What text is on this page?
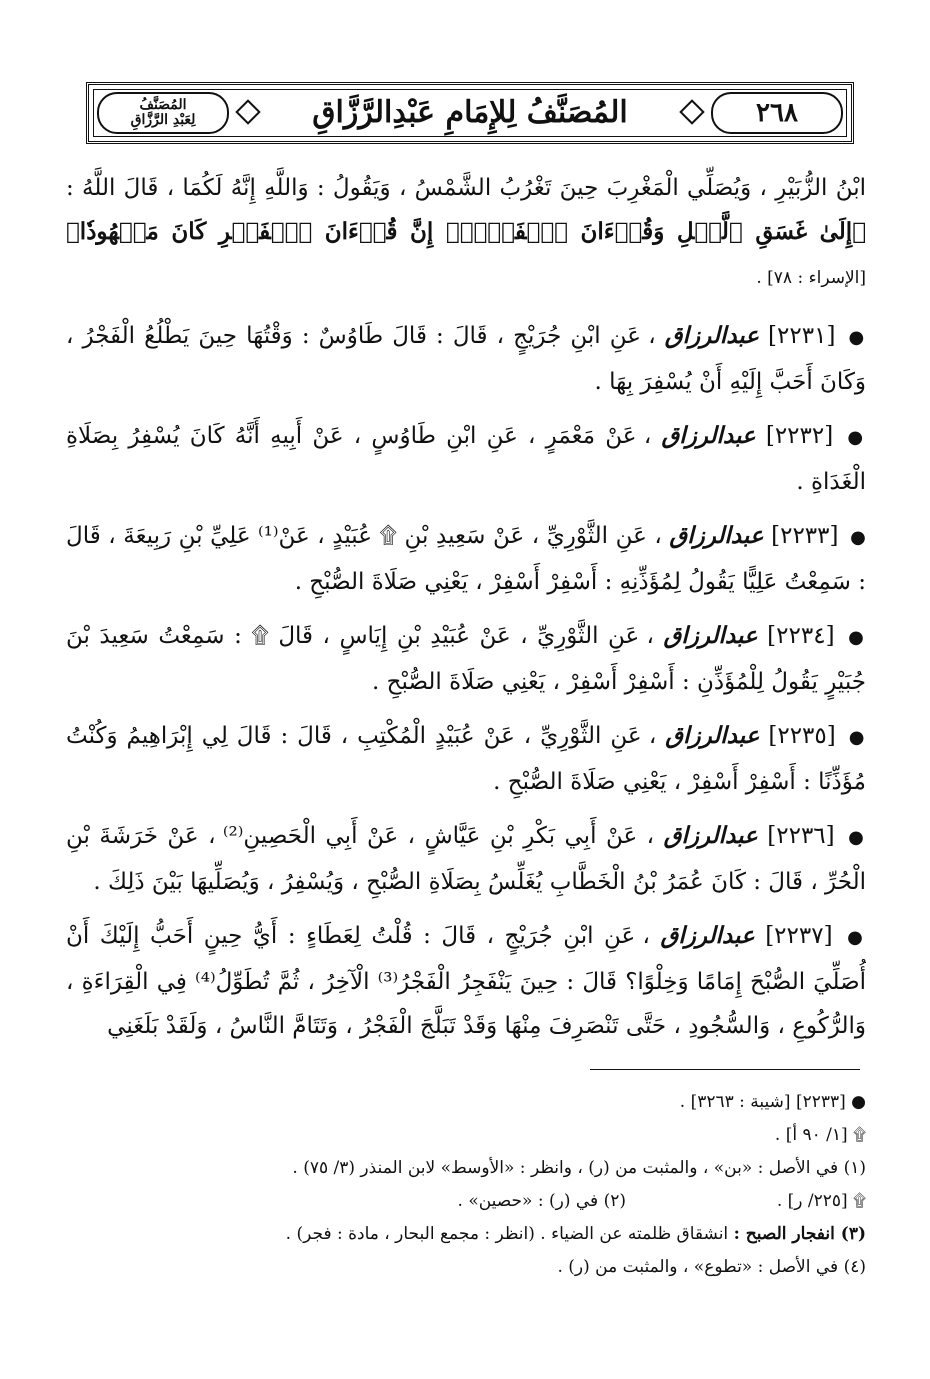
٢٦٨
المُصَنَّفُ لِلإِمَامِ عَبْدِالرَّزَّاقِ
المُصَنَّفُ
لِعَبْدِ الرَّزَّاقِ

ابْنُ الزُّبَيْرِ ، وَيُصَلِّي الْمَغْرِبَ حِينَ تَغْرُبُ الشَّمْسُ ، وَيَقُولُ : وَاللَّهِ إِنَّهُ لَكُمَا ، قَالَ اللَّهُ : ﴿إِلَىٰ غَسَقِ ٱلَّيۡلِ وَقُرۡءَانَ ٱلۡفَجۡرِۖ إِنَّ قُرۡءَانَ ٱلۡفَجۡرِ كَانَ مَشۡهُودٗا﴾ [الإسراء : ٧٨] .

● [٢٢٣١] عبدالرزاق ، عَنِ ابْنِ جُرَيْجٍ ، قَالَ : قَالَ طَاوُسٌ : وَقْتُهَا حِينَ يَطْلُعُ الْفَجْرُ ، وَكَانَ أَحَبَّ إِلَيْهِ أَنْ يُسْفِرَ بِهَا .

● [٢٢٣٢] عبدالرزاق ، عَنْ مَعْمَرٍ ، عَنِ ابْنِ طَاوُسٍ ، عَنْ أَبِيهِ أَنَّهُ كَانَ يُسْفِرُ بِصَلَاةِ الْغَدَاةِ .

● [٢٢٣٣] عبدالرزاق ، عَنِ الثَّوْرِيِّ ، عَنْ سَعِيدِ بْنِ ۩ عُبَيْدٍ ، عَنْ⁽¹⁾ عَلِيِّ بْنِ رَبِيعَةَ ، قَالَ : سَمِعْتُ عَلِيًّا يَقُولُ لِمُؤَذِّنِهِ : أَسْفِرْ أَسْفِرْ ، يَعْنِي صَلَاةَ الصُّبْحِ .

● [٢٢٣٤] عبدالرزاق ، عَنِ الثَّوْرِيِّ ، عَنْ عُبَيْدِ بْنِ إِيَاسٍ ، قَالَ ۩ : سَمِعْتُ سَعِيدَ بْنَ جُبَيْرٍ يَقُولُ لِلْمُؤَذِّنِ : أَسْفِرْ أَسْفِرْ ، يَعْنِي صَلَاةَ الصُّبْحِ .

● [٢٢٣٥] عبدالرزاق ، عَنِ الثَّوْرِيِّ ، عَنْ عُبَيْدٍ الْمُكْتِبِ ، قَالَ : قَالَ لِي إِبْرَاهِيمُ وَكُنْتُ مُؤَذِّنًا : أَسْفِرْ أَسْفِرْ ، يَعْنِي صَلَاةَ الصُّبْحِ .

● [٢٢٣٦] عبدالرزاق ، عَنْ أَبِي بَكْرِ بْنِ عَيَّاشٍ ، عَنْ أَبِي الْحَصِينِ⁽²⁾ ، عَنْ خَرَشَةَ بْنِ الْحُرِّ ، قَالَ : كَانَ عُمَرُ بْنُ الْخَطَّابِ يُغَلِّسُ بِصَلَاةِ الصُّبْحِ ، وَيُسْفِرُ ، وَيُصَلِّيهَا بَيْنَ ذَلِكَ .

● [٢٢٣٧] عبدالرزاق ، عَنِ ابْنِ جُرَيْجٍ ، قَالَ : قُلْتُ لِعَطَاءٍ : أَيُّ حِينٍ أَحَبُّ إِلَيْكَ أَنْ أُصَلِّيَ الصُّبْحَ إِمَامًا وَخِلْوًا؟ قَالَ : حِينَ يَنْفَجِرُ الْفَجْرُ⁽³⁾ الْآخِرُ ، ثُمَّ تُطَوِّلُ⁽⁴⁾ فِي الْقِرَاءَةِ ، وَالرُّكُوعِ ، وَالسُّجُودِ ، حَتَّى تَنْصَرِفَ مِنْهَا وَقَدْ تَبَلَّجَ الْفَجْرُ ، وَتَتَامَّ النَّاسُ ، وَلَقَدْ بَلَغَنِي

● [٢٢٣٣] [شيبة : ٣٢٦٣] .

۩ [١/ ٩٠ أ] .

(١) في الأصل : «بن» ، والمثبت من (ر) ، وانظر : «الأوسط» لابن المنذر (٣/ ٧٥) .

۩ [٢٢٥/ ر] .
(٢) في (ر) : «حصين» .

(٣) انفجار الصبح : انشقاق ظلمته عن الضياء . (انظر : مجمع البحار ، مادة : فجر) .

(٤) في الأصل : «تطوع» ، والمثبت من (ر) .
